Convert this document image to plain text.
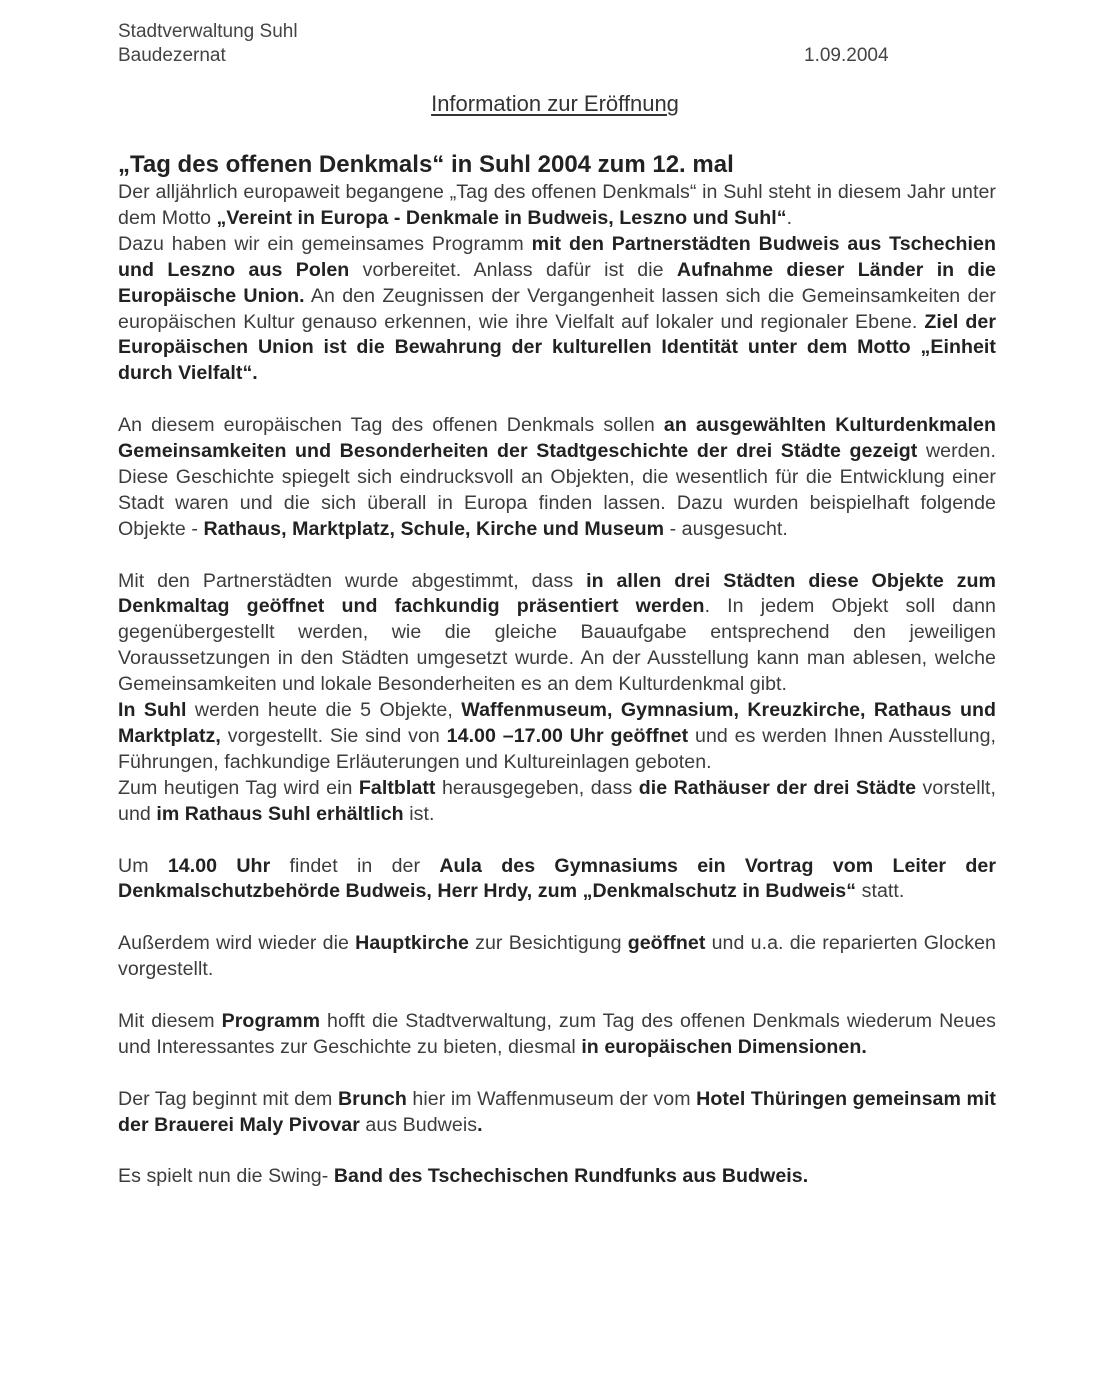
Stadtverwaltung Suhl
Baudezernat	1.09.2004
Information zur Eröffnung
„Tag des offenen Denkmals“ in Suhl 2004 zum 12. mal

Der alljährlich europaweit begangene „Tag des offenen Denkmals“ in Suhl steht in diesem Jahr unter dem Motto „Vereint in Europa - Denkmale in Budweis, Leszno und Suhl“.

Dazu haben wir ein gemeinsames Programm mit den Partnerstädten Budweis aus Tschechien und Leszno aus Polen vorbereitet. Anlass dafür ist die Aufnahme dieser Länder in die Europäische Union. An den Zeugnissen der Vergangenheit lassen sich die Gemeinsamkeiten der europäischen Kultur genauso erkennen, wie ihre Vielfalt auf lokaler und regionaler Ebene. Ziel der Europäischen Union ist die Bewahrung der kulturellen Identität unter dem Motto „Einheit durch Vielfalt“.

An diesem europäischen Tag des offenen Denkmals sollen an ausgewählten Kulturdenkmalen Gemeinsamkeiten und Besonderheiten der Stadtgeschichte der drei Städte gezeigt werden. Diese Geschichte spiegelt sich eindrucksvoll an Objekten, die wesentlich für die Entwicklung einer Stadt waren und die sich überall in Europa finden lassen. Dazu wurden beispielhaft folgende Objekte - Rathaus, Marktplatz, Schule, Kirche und Museum - ausgesucht.

Mit den Partnerstädten wurde abgestimmt, dass in allen drei Städten diese Objekte zum Denkmaltag geöffnet und fachkundig präsentiert werden. In jedem Objekt soll dann gegenübergestellt werden, wie die gleiche Bauaufgabe entsprechend den jeweiligen Voraussetzungen in den Städten umgesetzt wurde. An der Ausstellung kann man ablesen, welche Gemeinsamkeiten und lokale Besonderheiten es an dem Kulturdenkmal gibt.

In Suhl werden heute die 5 Objekte, Waffenmuseum, Gymnasium, Kreuzkirche, Rathaus und Marktplatz, vorgestellt. Sie sind von 14.00 –17.00 Uhr geöffnet und es werden Ihnen Ausstellung, Führungen, fachkundige Erläuterungen und Kultureinlagen geboten.

Zum heutigen Tag wird ein Faltblatt herausgegeben, dass die Rathäuser der drei Städte vorstellt, und im Rathaus Suhl erhältlich ist.

Um 14.00 Uhr findet in der Aula des Gymnasiums ein Vortrag vom Leiter der Denkmalschutzbehörde Budweis, Herr Hrdy, zum „Denkmalschutz in Budweis“ statt.

Außerdem wird wieder die Hauptkirche zur Besichtigung geöffnet und u.a. die reparierten Glocken vorgestellt.

Mit diesem Programm hofft die Stadtverwaltung, zum Tag des offenen Denkmals wiederum Neues und Interessantes zur Geschichte zu bieten, diesmal in europäischen Dimensionen.

Der Tag beginnt mit dem Brunch hier im Waffenmuseum der vom Hotel Thüringen gemeinsam mit der Brauerei Maly Pivovar aus Budweis.

Es spielt nun die Swing- Band des Tschechischen Rundfunks aus Budweis.
